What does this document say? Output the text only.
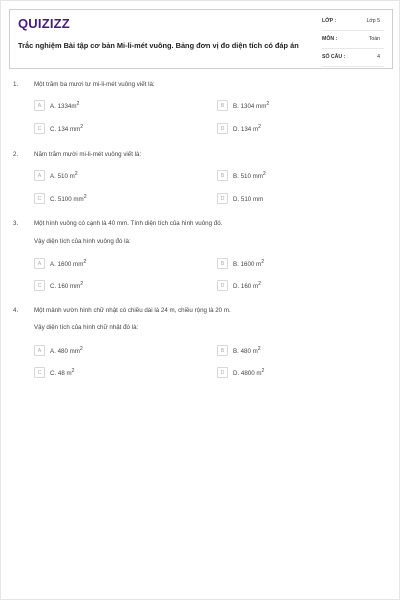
QUIZIZZ
Trắc nghiệm Bài tập cơ bản Mi-li-mét vuông. Bảng đơn vị đo diện tích có đáp án
LỚP :	Lớp 5
MÔN :	Toán
SỐ CÂU :	4
1.	Một trăm ba mươi tư mi-li-mét vuông viết là:
A	A. $1334m^2$	B	B. 1304 $mm^2$
C	C. 134 $mm^2$	D	D. 134 $m^2$
2.	Năm trăm mười mi-li-mét vuông viết là:
A	A. 510 $m^2$	B	B. 510 $mm^2$
C	C. 5100 $mm^2$	D	D. 510 mm
3.	Một hình vuông có cạnh là 40 mm. Tính diện tích của hình vuông đó.
Vậy diện tích của hình vuông đó là:
A	A. 1600 $mm^2$	B	B. 1600 $m^2$
C	C. 160 $mm^2$	D	D. 160 $m^2$
4.	Một mảnh vườn hình chữ nhật có chiều dài là 24 m, chiều rộng là 20 m.
Vậy diện tích của hình chữ nhật đó là:
A	A. 480 $mm^2$	B	B. 480 $m^2$
C	C. 48 $m^2$	D	D. 4800 $m^2$
